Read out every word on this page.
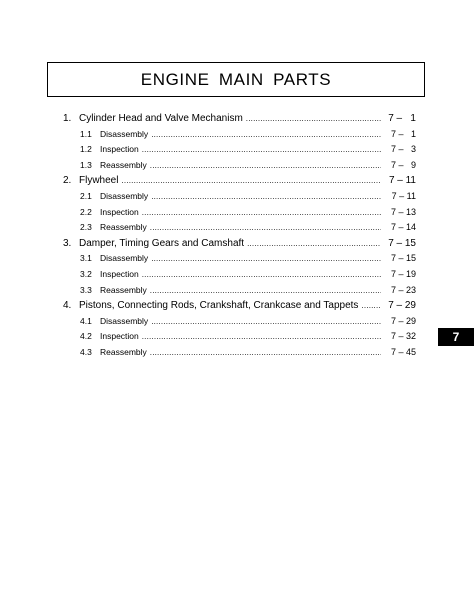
ENGINE MAIN PARTS
1. Cylinder Head and Valve Mechanism .....	7 –   1
1.1 Disassembly .....	7 –   1
1.2 Inspection .....	7 –   3
1.3 Reassembly .....	7 –   9
2. Flywheel .....	7 – 11
2.1 Disassembly .....	7 – 11
2.2 Inspection .....	7 – 13
2.3 Reassembly .....	7 – 14
3. Damper, Timing Gears and Camshaft .....	7 – 15
3.1 Disassembly .....	7 – 15
3.2 Inspection .....	7 – 19
3.3 Reassembly .....	7 – 23
4. Pistons, Connecting Rods, Crankshaft, Crankcase and Tappets .....	7 – 29
4.1 Disassembly .....	7 – 29
4.2 Inspection .....	7 – 32
4.3 Reassembly .....	7 – 45
7
